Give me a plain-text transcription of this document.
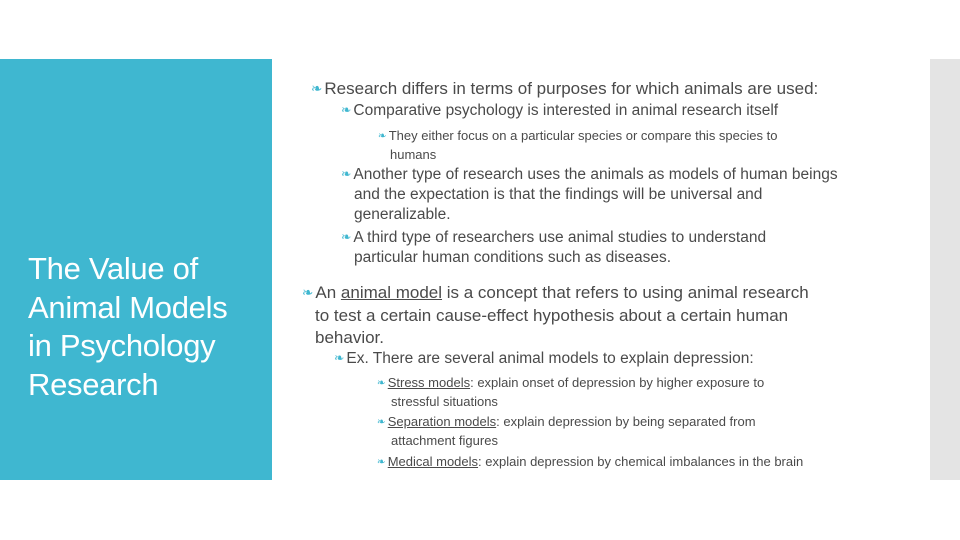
The Value of
Animal Models
in Psychology
Research
❧ Research differs in terms of purposes for which animals are used:
❧ Comparative psychology is interested in animal research itself
❧ They either focus on a particular species or compare this species to
humans
❧ Another type of research uses the animals as models of human beings
and the expectation is that the findings will be universal and
generalizable.
❧ A third type of researchers use animal studies to understand
particular human conditions such as diseases.
❧ An animal model is a concept that refers to using animal research
to test a certain cause-effect hypothesis about a certain human
behavior.
❧ Ex. There are several animal models to explain depression:
❧ Stress models: explain onset of depression by higher exposure to
stressful situations
❧ Separation models: explain depression by being separated from
attachment figures
❧ Medical models: explain depression by chemical imbalances in the brain
